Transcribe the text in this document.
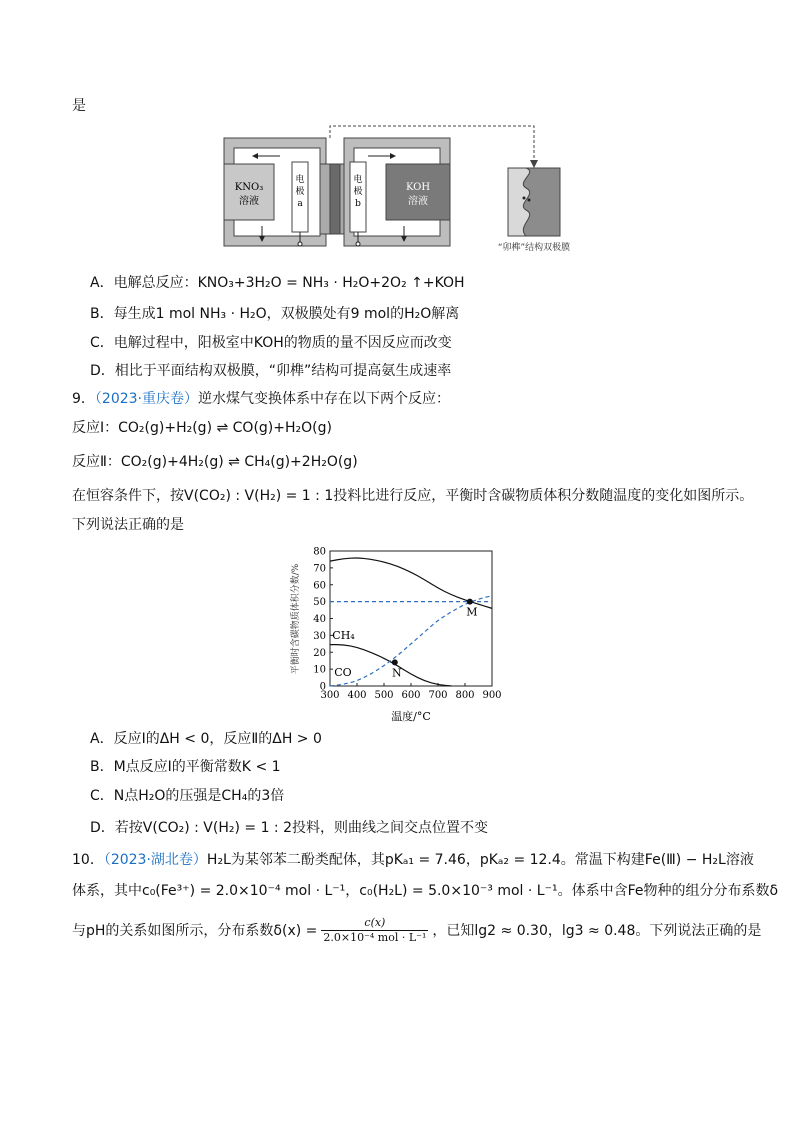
是
KNO₃
溶液
电
极
a
KOH
溶液
电
极
b
“卯榫”结构双极膜
A．电解总反应：KNO₃+3H₂O = NH₃ · H₂O+2O₂ ↑+KOH
B．每生成1 mol NH₃ · H₂O，双极膜处有9 mol的H₂O解离
C．电解过程中，阳极室中KOH的物质的量不因反应而改变
D．相比于平面结构双极膜，“卯榫”结构可提高氨生成速率
9．（2023·重庆卷）逆水煤气变换体系中存在以下两个反应：
反应Ⅰ：CO₂(g)+H₂(g) ⇌ CO(g)+H₂O(g)
反应Ⅱ：CO₂(g)+4H₂(g) ⇌ CH₄(g)+2H₂O(g)
在恒容条件下，按V(CO₂) : V(H₂) = 1 : 1投料比进行反应，平衡时含碳物质体积分数随温度的变化如图所示。
下列说法正确的是
300 400 500 600 700 800 900
0
10
20
30
40
50
60
70
80
CH₄
CO
M
N
温度/°C
平衡时含碳物质体积分数/%
A．反应Ⅰ的ΔH < 0，反应Ⅱ的ΔH > 0
B．M点反应Ⅰ的平衡常数K < 1
C．N点H₂O的压强是CH₄的3倍
D．若按V(CO₂) : V(H₂) = 1 : 2投料，则曲线之间交点位置不变
10．（2023·湖北卷）H₂L为某邻苯二酚类配体，其pKₐ₁ = 7.46，pKₐ₂ = 12.4。常温下构建Fe(Ⅲ) − H₂L溶液
体系，其中c₀(Fe³⁺) = 2.0×10⁻⁴ mol · L⁻¹，c₀(H₂L) = 5.0×10⁻³ mol · L⁻¹。体系中含Fe物种的组分分布系数δ
与pH的关系如图所示，分布系数δ(x) =	c(x)
2.0×10⁻⁴ mol · L⁻¹ ，已知lg2 ≈ 0.30，lg3 ≈ 0.48。下列说法正确的是
